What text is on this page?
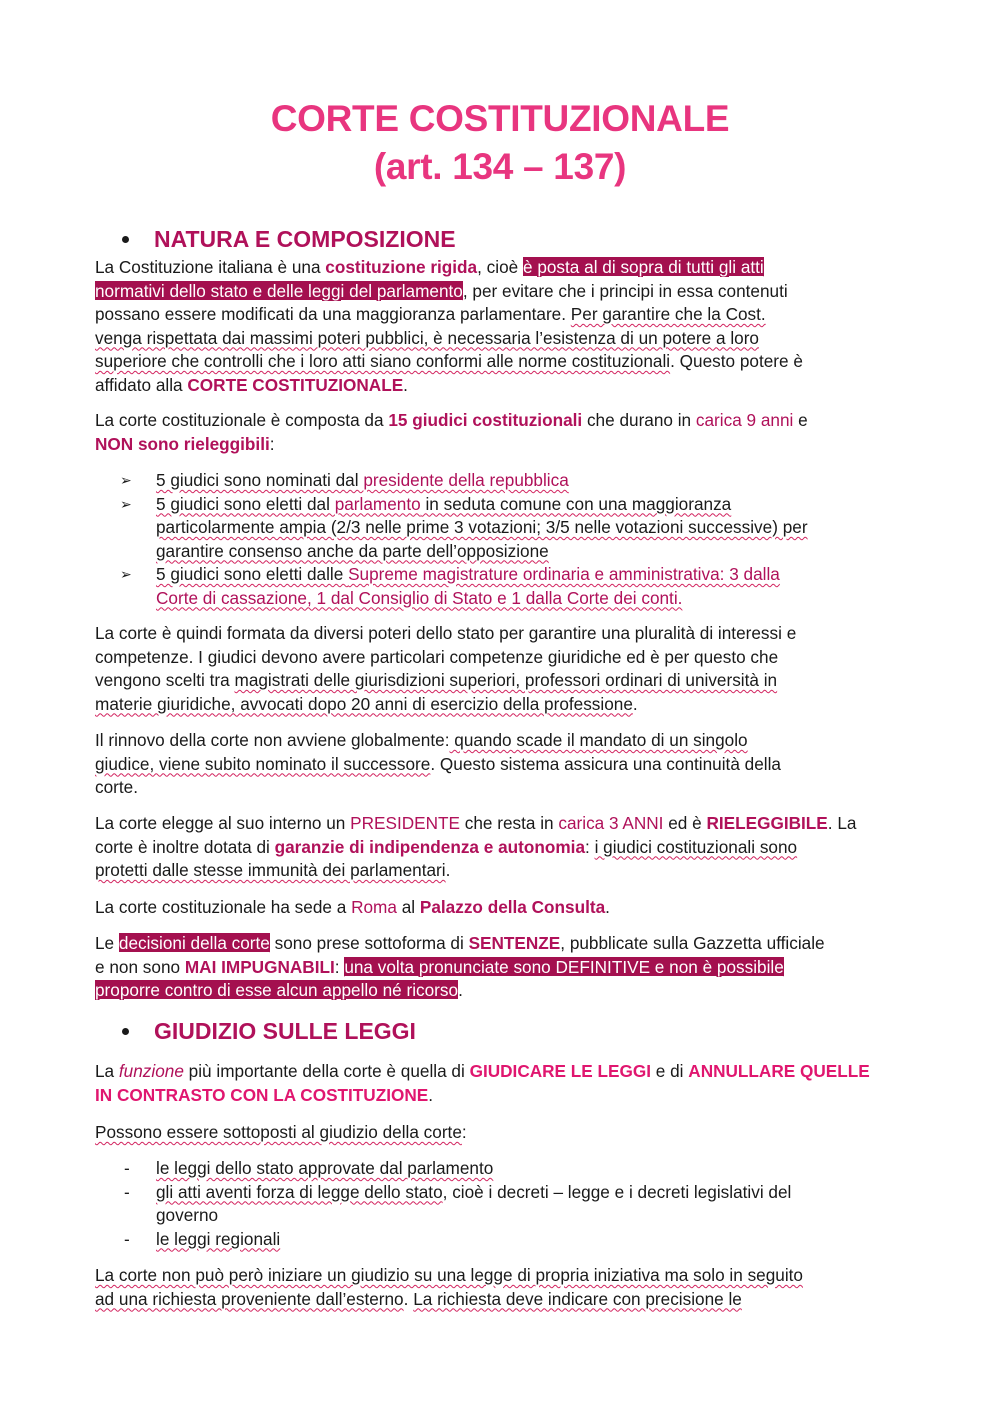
CORTE COSTITUZIONALE
(art. 134 – 137)
NATURA E COMPOSIZIONE
La Costituzione italiana è una costituzione rigida, cioè è posta al di sopra di tutti gli atti
normativi dello stato e delle leggi del parlamento, per evitare che i principi in essa contenuti
possano essere modificati da una maggioranza parlamentare. Per garantire che la Cost.
venga rispettata dai massimi poteri pubblici, è necessaria l’esistenza di un potere a loro
superiore che controlli che i loro atti siano conformi alle norme costituzionali. Questo potere è
affidato alla CORTE COSTITUZIONALE.
La corte costituzionale è composta da 15 giudici costituzionali che durano in carica 9 anni e
NON sono rieleggibili:
➢ 5 giudici sono nominati dal presidente della repubblica
➢ 5 giudici sono eletti dal parlamento in seduta comune con una maggioranza
particolarmente ampia (2/3 nelle prime 3 votazioni; 3/5 nelle votazioni successive) per
garantire consenso anche da parte dell’opposizione
➢ 5 giudici sono eletti dalle Supreme magistrature ordinaria e amministrativa: 3 dalla
Corte di cassazione, 1 dal Consiglio di Stato e 1 dalla Corte dei conti.
La corte è quindi formata da diversi poteri dello stato per garantire una pluralità di interessi e
competenze. I giudici devono avere particolari competenze giuridiche ed è per questo che
vengono scelti tra magistrati delle giurisdizioni superiori, professori ordinari di università in
materie giuridiche, avvocati dopo 20 anni di esercizio della professione.
Il rinnovo della corte non avviene globalmente: quando scade il mandato di un singolo
giudice, viene subito nominato il successore. Questo sistema assicura una continuità della
corte.
La corte elegge al suo interno un PRESIDENTE che resta in carica 3 ANNI ed è RIELEGGIBILE. La
corte è inoltre dotata di garanzie di indipendenza e autonomia: i giudici costituzionali sono
protetti dalle stesse immunità dei parlamentari.
La corte costituzionale ha sede a Roma al Palazzo della Consulta.
Le decisioni della corte sono prese sottoforma di SENTENZE, pubblicate sulla Gazzetta ufficiale
e non sono MAI IMPUGNABILI: una volta pronunciate sono DEFINITIVE e non è possibile
proporre contro di esse alcun appello né ricorso.
GIUDIZIO SULLE LEGGI
La funzione più importante della corte è quella di GIUDICARE LE LEGGI e di ANNULLARE QUELLE
IN CONTRASTO CON LA COSTITUZIONE.
Possono essere sottoposti al giudizio della corte:
- le leggi dello stato approvate dal parlamento
- gli atti aventi forza di legge dello stato, cioè i decreti – legge e i decreti legislativi del
governo
- le leggi regionali
La corte non può però iniziare un giudizio su una legge di propria iniziativa ma solo in seguito
ad una richiesta proveniente dall’esterno. La richiesta deve indicare con precisione le
